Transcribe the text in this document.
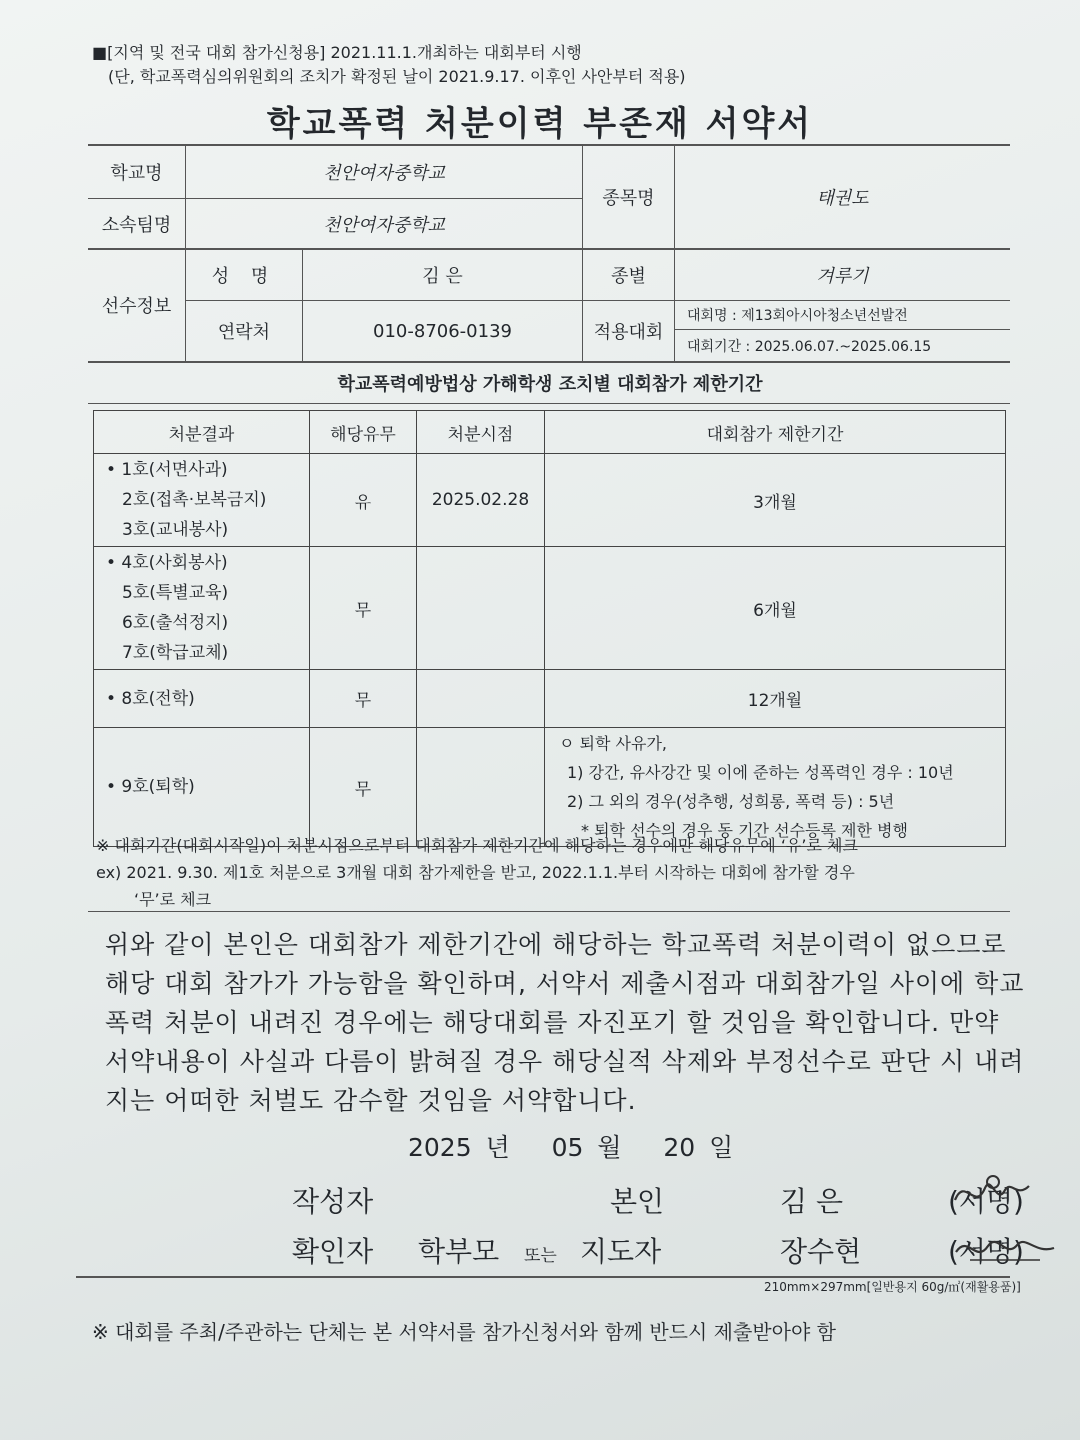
■[지역 및 전국 대회 참가신청용] 2021.11.1.개최하는 대회부터 시행
(단, 학교폭력심의위원회의 조치가 확정된 날이 2021.9.17. 이후인 사안부터 적용)
학교폭력 처분이력 부존재 서약서
학교명	천안여자중학교
소속팀명	천안여자중학교
종목명	태권도
선수정보
성 명	김 은	종별	겨루기
연락처	010-8706-0139	적용대회
대회명 : 제13회아시아청소년선발전
대회기간 : 2025.06.07.~2025.06.15
학교폭력예방법상 가해학생 조치별 대회참가 제한기간
처분결과	해당유무	처분시점	대회참가 제한기간

• 1호(서면사과)
2호(접촉·보복금지)
3호(교내봉사)	유	2025.02.28	3개월

• 4호(사회봉사)
5호(특별교육)
6호(출석정지)
7호(학급교체)	무		6개월

• 8호(전학)	무		12개월

• 9호(퇴학)	무		ㅇ 퇴학 사유가,
1) 강간, 유사강간 및 이에 준하는 성폭력인 경우 : 10년
2) 그 외의 경우(성추행, 성희롱, 폭력 등) : 5년
* 퇴학 선수의 경우 동 기간 선수등록 제한 병행
※ 대회기간(대회시작일)이 처분시점으로부터 대회참가 제한기간에 해당하는 경우에만 해당유무에 ‘유’로 체크
ex) 2021. 9.30. 제1호 처분으로 3개월 대회 참가제한을 받고, 2022.1.1.부터 시작하는 대회에 참가할 경우
‘무’로 체크
위와 같이 본인은 대회참가 제한기간에 해당하는 학교폭력 처분이력이 없으므로 해당 대회 참가가 가능함을 확인하며, 서약서 제출시점과 대회참가일 사이에 학교폭력 처분이 내려진 경우에는 해당대회를 자진포기 할 것임을 확인합니다. 만약 서약내용이 사실과 다름이 밝혀질 경우 해당실적 삭제와 부정선수로 판단 시 내려지는 어떠한 처벌도 감수할 것임을 서약합니다.
2025 년 05 월 20 일
작성자	본인	김 은	(서명)
확인자 학부모 또는 지도자	장수현	(서명)
210mm×297mm[일반용지 60g/㎡(재활용품)]
※ 대회를 주최/주관하는 단체는 본 서약서를 참가신청서와 함께 반드시 제출받아야 함
